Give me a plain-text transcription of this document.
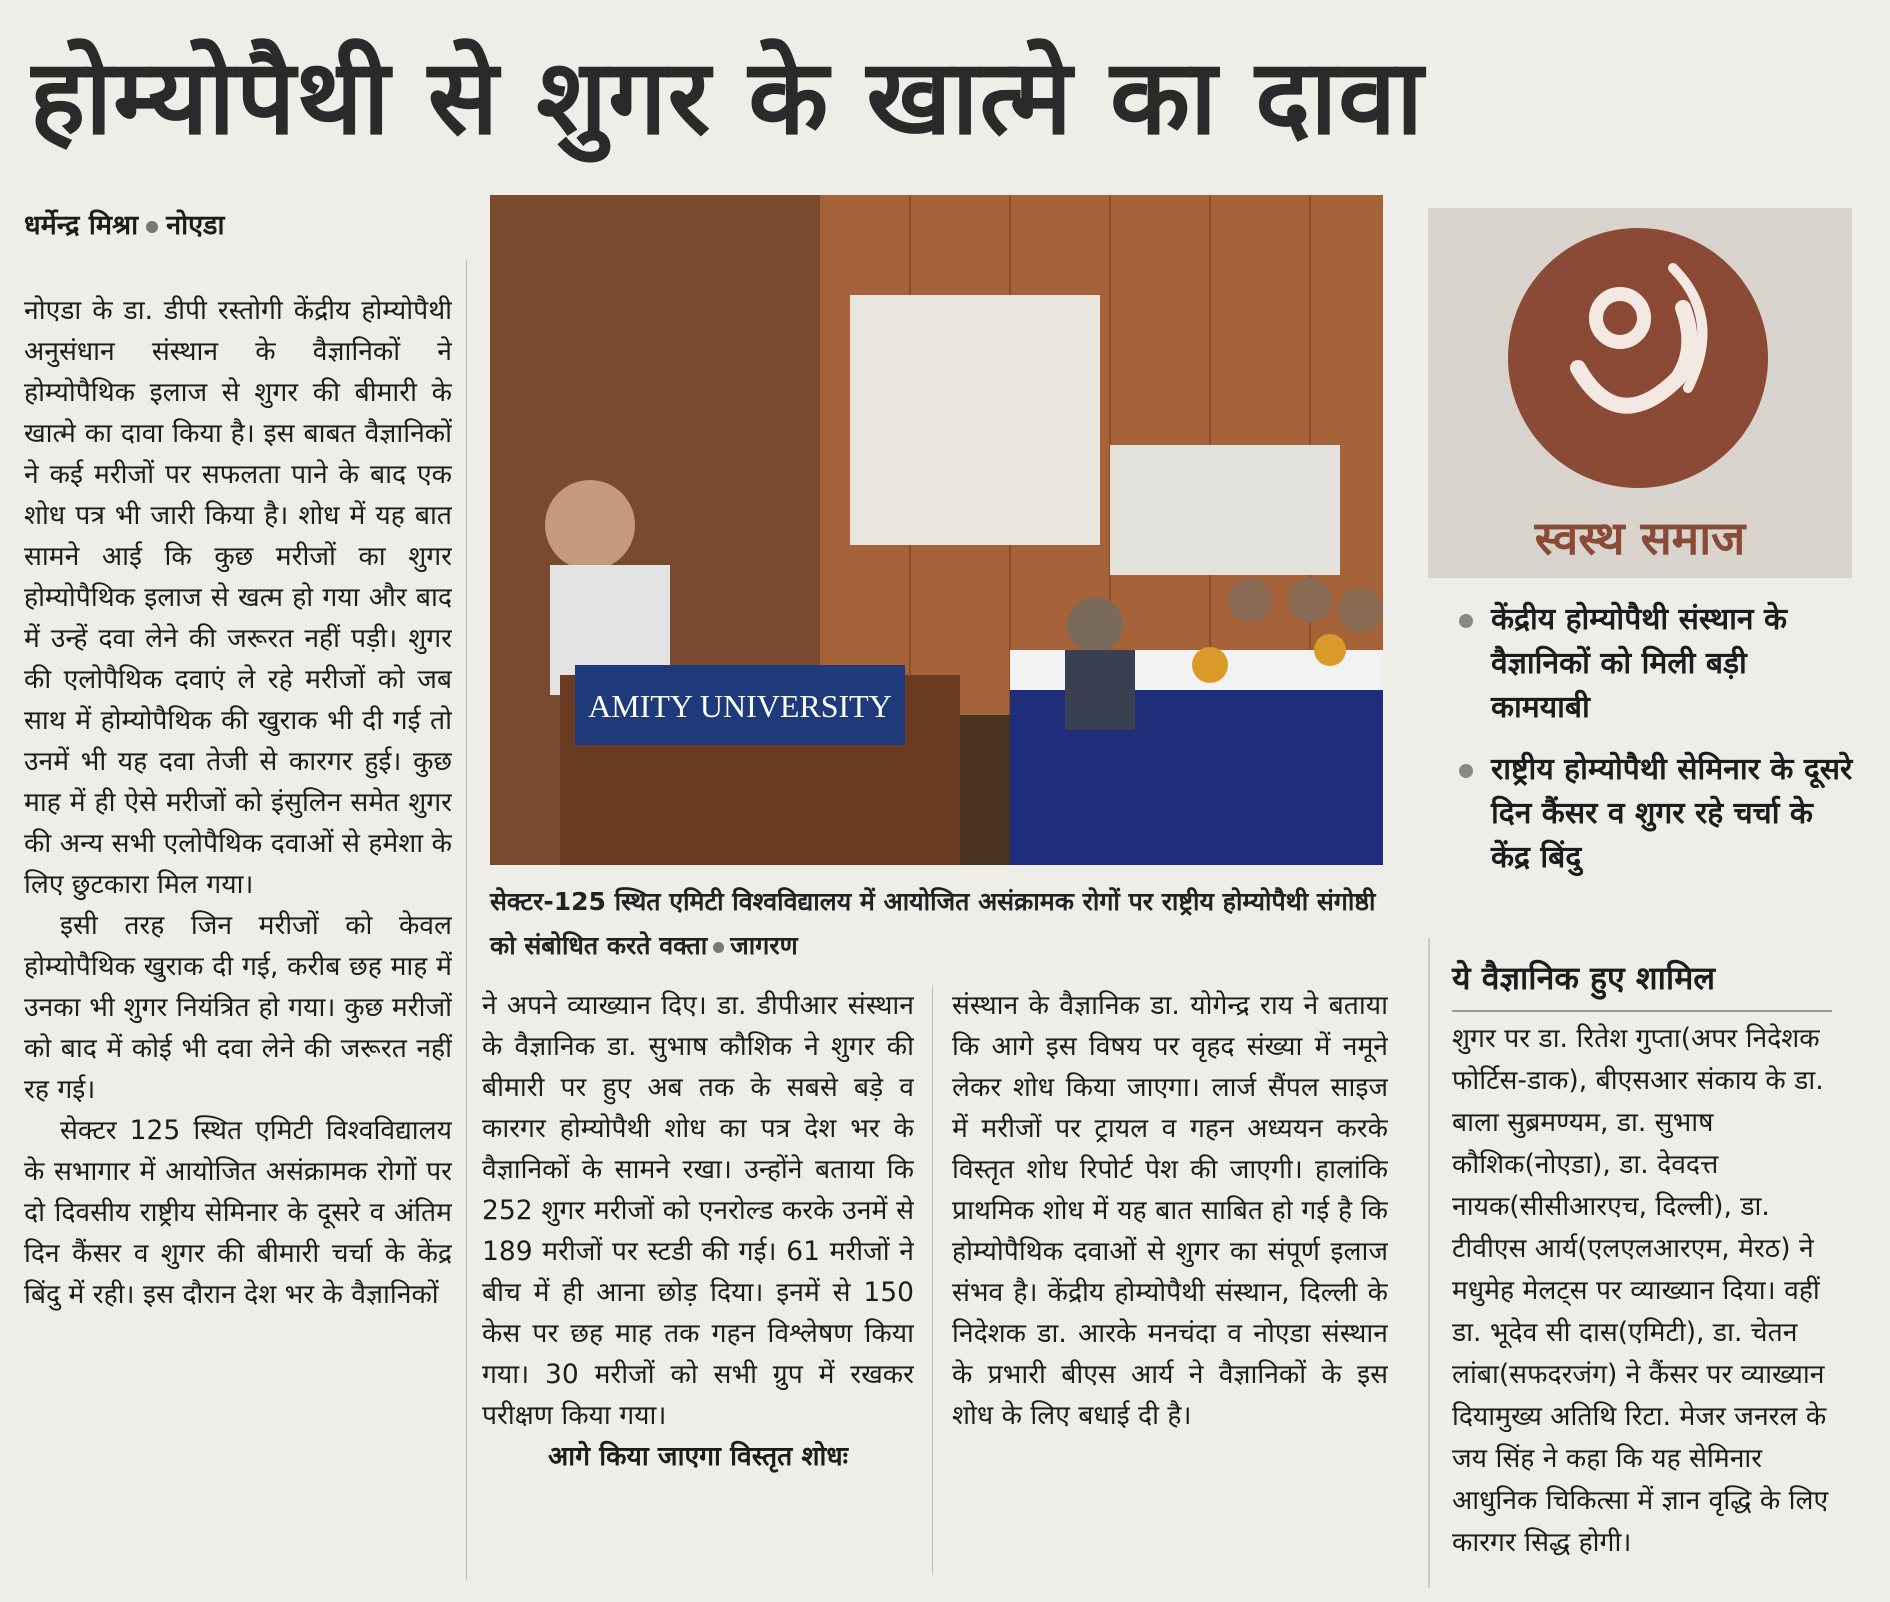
होम्योपैथी से शुगर के खात्मे का दावा
धर्मेन्द्र मिश्रा नोएडा

नोएडा के डा. डीपी रस्तोगी केंद्रीय होम्योपैथी अनुसंधान संस्थान के वैज्ञानिकों ने होम्योपैथिक इलाज से शुगर की बीमारी के खात्मे का दावा किया है। इस बाबत वैज्ञानिकों ने कई मरीजों पर सफलता पाने के बाद एक शोध पत्र भी जारी किया है। शोध में यह बात सामने आई कि कुछ मरीजों का शुगर होम्योपैथिक इलाज से खत्म हो गया और बाद में उन्हें दवा लेने की जरूरत नहीं पड़ी। शुगर की एलोपैथिक दवाएं ले रहे मरीजों को जब साथ में होम्योपैथिक की खुराक भी दी गई तो उनमें भी यह दवा तेजी से कारगर हुई। कुछ माह में ही ऐसे मरीजों को इंसुलिन समेत शुगर की अन्य सभी एलोपैथिक दवाओं से हमेशा के लिए छुटकारा मिल गया।

इसी तरह जिन मरीजों को केवल होम्योपैथिक खुराक दी गई, करीब छह माह में उनका भी शुगर नियंत्रित हो गया। कुछ मरीजों को बाद में कोई भी दवा लेने की जरूरत नहीं रह गई।

सेक्टर 125 स्थित एमिटी विश्वविद्यालय के सभागार में आयोजित असंक्रामक रोगों पर दो दिवसीय राष्ट्रीय सेमिनार के दूसरे व अंतिम दिन कैंसर व शुगर की बीमारी चर्चा के केंद्र बिंदु में रही। इस दौरान देश भर के वैज्ञानिकों

AMITY UNIVERSITY
सेक्टर-125 स्थित एमिटी विश्वविद्यालय में आयोजित असंक्रामक रोगों पर राष्ट्रीय होम्योपैथी संगोष्ठी को संबोधित करते वक्ता जागरण

ने अपने व्याख्यान दिए। डा. डीपीआर संस्थान के वैज्ञानिक डा. सुभाष कौशिक ने शुगर की बीमारी पर हुए अब तक के सबसे बड़े व कारगर होम्योपैथी शोध का पत्र देश भर के वैज्ञानिकों के सामने रखा। उन्होंने बताया कि 252 शुगर मरीजों को एनरोल्ड करके उनमें से 189 मरीजों पर स्टडी की गई। 61 मरीजों ने बीच में ही आना छोड़ दिया। इनमें से 150 केस पर छह माह तक गहन विश्लेषण किया गया। 30 मरीजों को सभी ग्रुप में रखकर परीक्षण किया गया।

आगे किया जाएगा विस्तृत शोधः

संस्थान के वैज्ञानिक डा. योगेन्द्र राय ने बताया कि आगे इस विषय पर वृहद संख्या में नमूने लेकर शोध किया जाएगा। लार्ज सैंपल साइज में मरीजों पर ट्रायल व गहन अध्ययन करके विस्तृत शोध रिपोर्ट पेश की जाएगी। हालांकि प्राथमिक शोध में यह बात साबित हो गई है कि होम्योपैथिक दवाओं से शुगर का संपूर्ण इलाज संभव है। केंद्रीय होम्योपैथी संस्थान, दिल्ली के निदेशक डा. आरके मनचंदा व नोएडा संस्थान के प्रभारी बीएस आर्य ने वैज्ञानिकों के इस शोध के लिए बधाई दी है।

स्वस्थ समाज
केंद्रीय होम्योपैथी संस्थान के वैज्ञानिकों को मिली बड़ी कामयाबी
राष्ट्रीय होम्योपैथी सेमिनार के दूसरे दिन कैंसर व शुगर रहे चर्चा के केंद्र बिंदु
ये वैज्ञानिक हुए शामिल
शुगर पर डा. रितेश गुप्ता(अपर निदेशक फोर्टिस-डाक), बीएसआर संकाय के डा. बाला सुब्रमण्यम, डा. सुभाष कौशिक(नोएडा), डा. देवदत्त नायक(सीसीआरएच, दिल्ली), डा. टीवीएस आर्य(एलएलआरएम, मेरठ) ने मधुमेह मेलट्स पर व्याख्यान दिया। वहीं डा. भूदेव सी दास(एमिटी), डा. चेतन लांबा(सफदरजंग) ने कैंसर पर व्याख्यान दियामुख्य अतिथि रिटा. मेजर जनरल के जय सिंह ने कहा कि यह सेमिनार आधुनिक चिकित्सा में ज्ञान वृद्धि के लिए कारगर सिद्ध होगी।
